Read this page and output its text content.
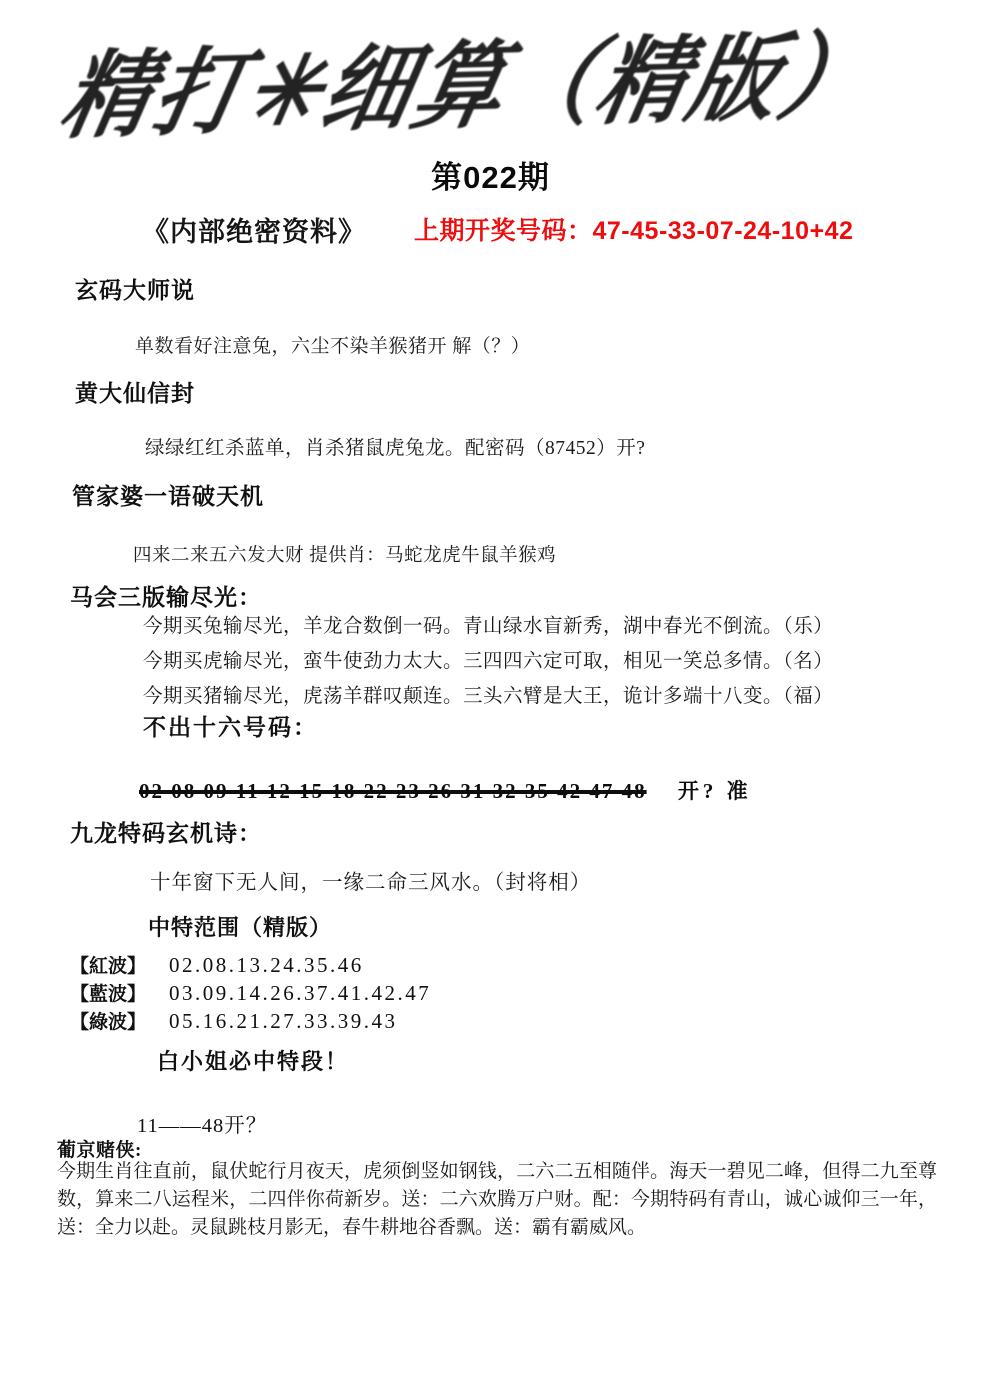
精打✳细算（精版）
第022期
《内部绝密资料》 上期开奖号码：47-45-33-07-24-10+42
玄码大师说
单数看好注意兔，六尘不染羊猴猪开 解（？）
黄大仙信封
绿绿红红杀蓝单，肖杀猪鼠虎兔龙。配密码（87452）开?
管家婆一语破天机
四来二来五六发大财 提供肖：马蛇龙虎牛鼠羊猴鸡
马会三版输尽光：
今期买兔输尽光，羊龙合数倒一码。青山绿水盲新秀，湖中春光不倒流。（乐）
今期买虎输尽光，蛮牛使劲力太大。三四四六定可取，相见一笑总多情。（名）
今期买猪输尽光，虎荡羊群叹颠连。三头六臂是大王，诡计多端十八变。（福）
不出十六号码：
02 08 09 11 12 15 18 22 23 26 31 32 35 42 47 48 开? 准
九龙特码玄机诗：
十年窗下无人间，一缘二命三风水。（封将相）
中特范围（精版）
【紅波】 02.08.13.24.35.46
【藍波】 03.09.14.26.37.41.42.47
【綠波】 05.16.21.27.33.39.43
白小姐必中特段！
11——48开？
葡京赌侠:
今期生肖往直前，鼠伏蛇行月夜天，虎须倒竖如钢钱，二六二五相随伴。海天一碧见二峰，但得二九至尊数，算来二八运程米，二四伴你荷新岁。送：二六欢腾万户财。配：今期特码有青山，诚心诚仰三一年，送：全力以赴。灵鼠跳枝月影无，春牛耕地谷香飘。送：霸有霸威风。
